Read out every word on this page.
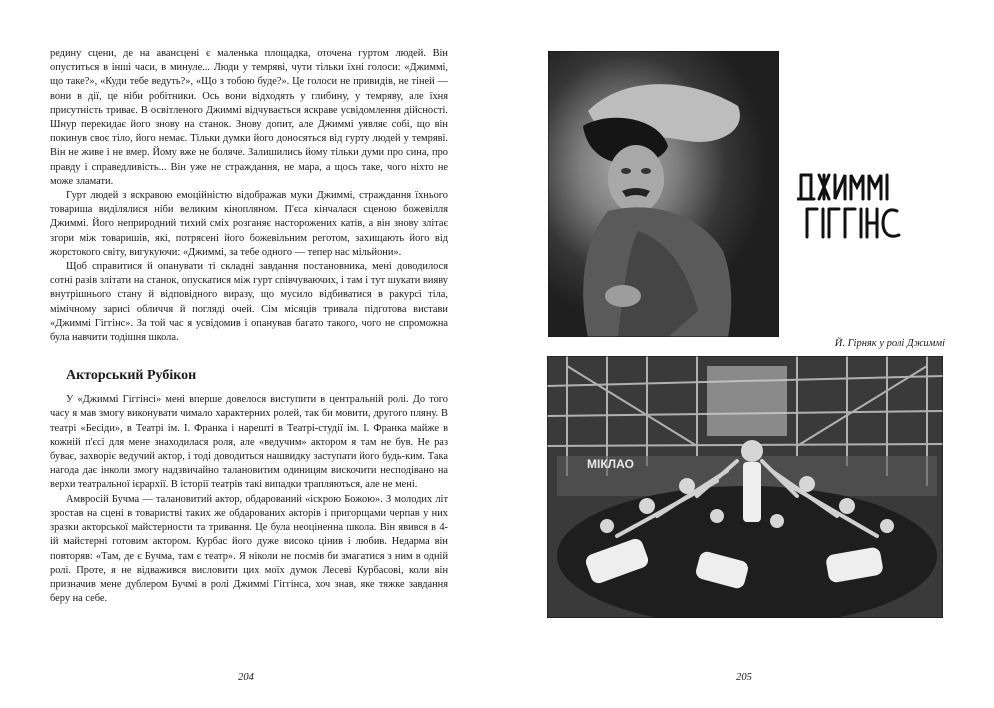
редину сцени, де на авансцені є маленька площадка, оточена гуртом людей. Він опуститься в інші часи, в минуле... Люди у темряві, чути тільки їхні голоси: «Джиммі, що таке?», «Куди тебе ведуть?», «Що з тобою буде?». Це голоси не привидів, не тіней — вони в дії, це ніби робітники. Ось вони відходять у глибину, у темряву, але їхня присутність триває. В освітленого Джиммі відчувається яскраве усвідомлення дійсності. Шнур перекидає його знову на станок. Знову допит, але Джиммі уявляє собі, що він покинув своє тіло, його немає. Тільки думки його доносяться від гурту людей у темряві. Він не живе і не вмер. Йому вже не боляче. Залишились йому тільки думи про сина, про правду і справедливість... Він уже не страждання, не мара, а щось таке, чого ніхто не може зламати.

Гурт людей з яскравою емоційністю відображав муки Джиммі, страждання їхнього товариша виділялися ніби великим кінопляном. П'єса кінчалася сценою божевілля Джиммі. Його неприродний тихий сміх розганяє насторожених катів, а він знову злітає згори між товаришів, які, потрясені його божевільним реготом, захищають його від жорстокого світу, вигукуючи: «Джиммі, за тебе одного — тепер нас мільйони».

Щоб справитися й опанувати ті складні завдання постановника, мені доводилося сотні разів злітати на станок, опускатися між гурт співчуваючих, і там і тут шукати вияву внутрішнього стану й відповідного виразу, що мусило відбиватися в ракурсі тіла, мімічному зарисі обличчя й погляді очей. Сім місяців тривала підготова вистави «Джиммі Гіггінс». За той час я усвідомив і опанував багато такого, чого не спроможна була навчити тодішня школа.

Акторський Рубікон

У «Джиммі Гіггінсі» мені вперше довелося виступити в центральній ролі. До того часу я мав змогу виконувати чимало характерних ролей, так би мовити, другого пляну. В театрі «Бесіди», в Театрі ім. І. Франка і нарешті в Театрі-студії ім. І. Франка майже в кожній п'єсі для мене знаходилася роля, але «ведучим» актором я там не був. Не раз буває, захворіє ведучий актор, і тоді доводиться нашвидку заступати його будь-ким. Така нагода дає інколи змогу надзвичайно талановитим одиницям вискочити несподівано на верхи театральної ієрархії. В історії театрів такі випадки трапляються, але не мені.

Амвросій Бучма — талановитий актор, обдарований «іскрою Божою». З молодих літ зростав на сцені в товаристві таких же обдарованих акторів і пригорщами черпав у них зразки акторської майстерности та тривання. Це була неоціненна школа. Він явився в 4-ій майстерні готовим актором. Курбас його дуже високо цінив і любив. Недарма він повторяв: «Там, де є Бучма, там є театр». Я ніколи не посмів би змагатися з ним в одній ролі. Проте, я не відважився висловити цих моїх думок Лесеві Курбасові, коли він призначив мене дублером Бучмі в ролі Джиммі Гіггінса, хоч знав, яке тяжке завдання беру на себе.

204
Й. Гірняк у ролі Джиммі
МІКЛАО
205
